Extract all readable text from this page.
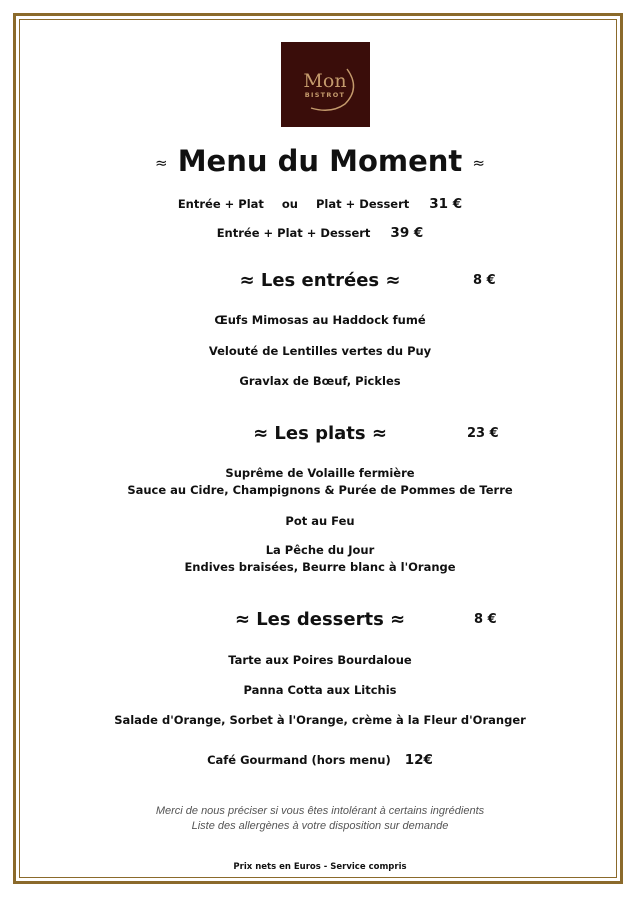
Mon
BISTROT
≈ Menu du Moment ≈
Entrée + Plat ou Plat + Dessert 31 €
Entrée + Plat + Dessert 39 €
≈ Les entrées ≈	8 €
Œufs Mimosas au Haddock fumé
Velouté de Lentilles vertes du Puy
Gravlax de Bœuf, Pickles
≈ Les plats ≈	23 €
Suprême de Volaille fermière
Sauce au Cidre, Champignons & Purée de Pommes de Terre
Pot au Feu
La Pêche du Jour
Endives braisées, Beurre blanc à l'Orange
≈ Les desserts ≈	8 €
Tarte aux Poires Bourdaloue
Panna Cotta aux Litchis
Salade d'Orange, Sorbet à l'Orange, crème à la Fleur d'Oranger
Café Gourmand (hors menu) 12€
Merci de nous préciser si vous êtes intolérant à certains ingrédients
Liste des allergènes à votre disposition sur demande
Prix nets en Euros - Service compris
